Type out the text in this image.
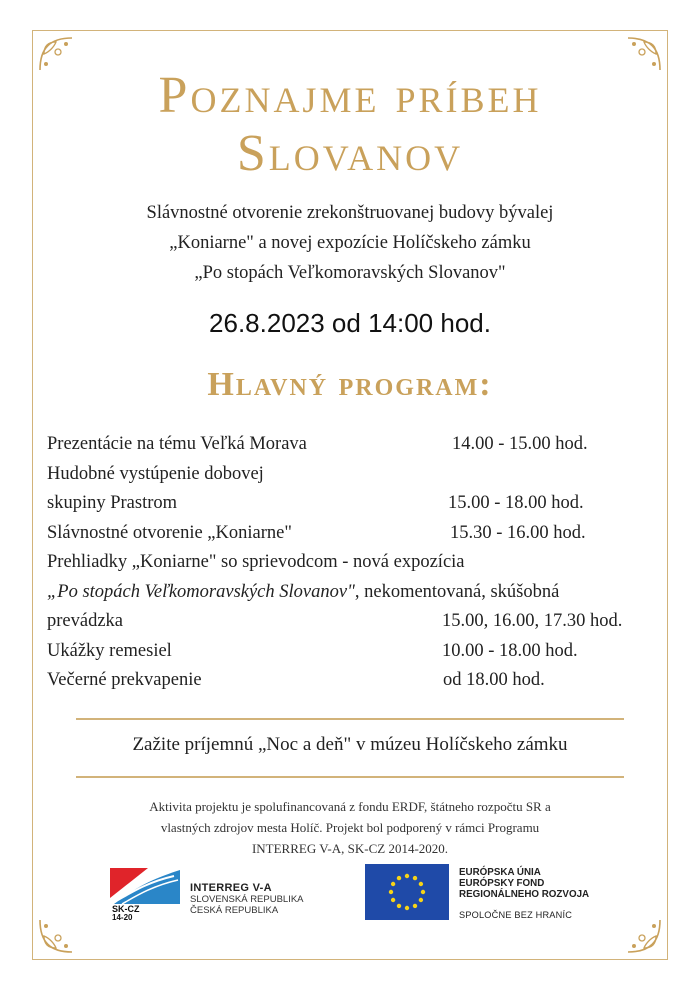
Poznajme príbeh
Slovanov
Slávnostné otvorenie zrekonštruovanej budovy bývalej
„Koniarne" a novej expozície Holíčskeho zámku
„Po stopách Veľkomoravských Slovanov"
26.8.2023 od 14:00 hod.
Hlavný program:
Prezentácie na tému Veľká Morava	14.00 - 15.00 hod.
Hudobné vystúpenie dobovej
skupiny Prastrom	15.00 - 18.00 hod.
Slávnostné otvorenie „Koniarne"	15.30 - 16.00 hod.
Prehliadky „Koniarne" so sprievodcom - nová expozícia
„Po stopách Veľkomoravských Slovanov", nekomentovaná, skúšobná
prevádzka	15.00, 16.00, 17.30 hod.
Ukážky remesiel	10.00 - 18.00 hod.
Večerné prekvapenie	od 18.00 hod.
Zažite príjemnú „Noc a deň" v múzeu Holíčskeho zámku
Aktivita projektu je spolufinancovaná z fondu ERDF, štátneho rozpočtu SR a
vlastných zdrojov mesta Holíč. Projekt bol podporený v rámci Programu
INTERREG V-A, SK-CZ 2014-2020.
SK-CZ
14-20
INTERREG V-A
SLOVENSKÁ REPUBLIKA
ČESKÁ REPUBLIKA
EURÓPSKA ÚNIA
EURÓPSKY FOND
REGIONÁLNEHO ROZVOJA
SPOLOČNE BEZ HRANÍC
